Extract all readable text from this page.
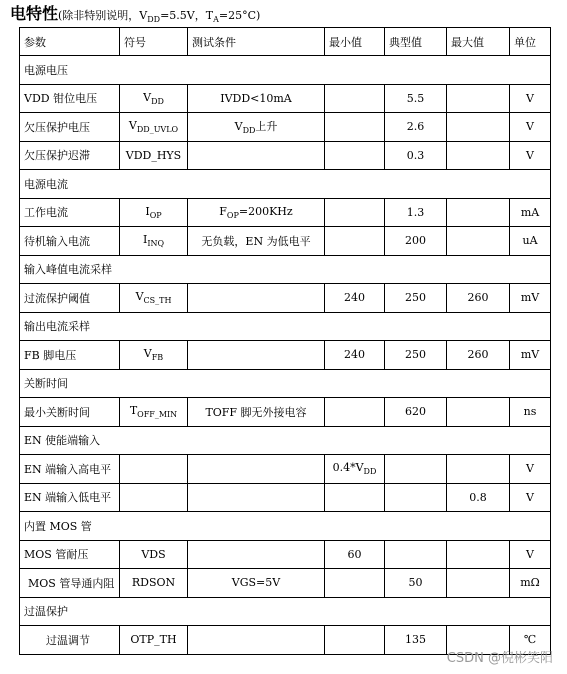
电特性(除非特别说明，$V_{DD}=5.5V$，$T_A=25^\circ C$)
参数	符号	测试条件	最小值	典型值	最大值	单位
电源电压						
VDD 钳位电压	$V_{DD}$	IVDD<10mA		5.5		V
欠压保护电压	$V_{DD\_UVLO}$	$V_{DD}$上升		2.6		V
欠压保护迟滞	VDD_HYS			0.3		V
电源电流						
工作电流	$I_{OP}$	$F_{OP}=200KHz$		1.3		mA
待机输入电流	$I_{INQ}$	无负载，EN 为低电平		200		uA
输入峰值电流采样						
过流保护阈值	$V_{CS\_TH}$		240	250	260	mV
输出电流采样						
FB 脚电压	$V_{FB}$		240	250	260	mV
关断时间						
最小关断时间	$T_{OFF\_MIN}$	TOFF 脚无外接电容		620		ns
EN 使能端输入						
EN 端输入高电平			$0.4*V_{DD}$			V
EN 端输入低电平					0.8	V
内置 MOS 管						
MOS 管耐压	VDS		60			V
MOS 管导通内阻	RDSON	VGS=5V		50		mΩ
过温保护						
过温调节	OTP_TH			135		℃
CSDN @倪彬笑阳
